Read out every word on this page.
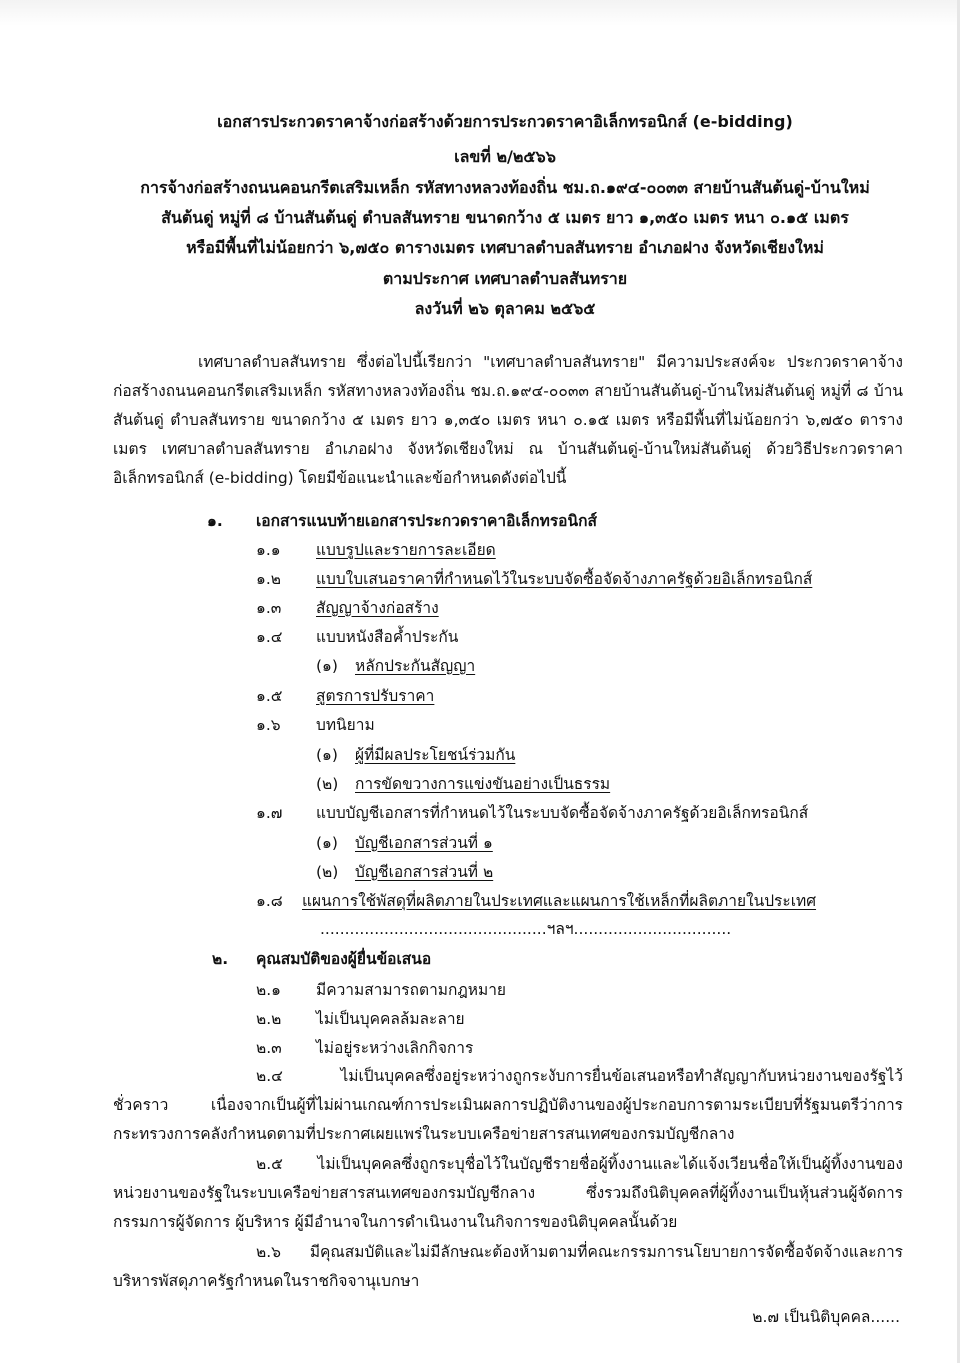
เอกสารประกวดราคาจ้างก่อสร้างด้วยการประกวดราคาอิเล็กทรอนิกส์ (e-bidding)
เลขที่ ๒/๒๕๖๖
การจ้างก่อสร้างถนนคอนกรีตเสริมเหล็ก รหัสทางหลวงท้องถิ่น ชม.ถ.๑๙๔-๐๐๓๓ สายบ้านสันต้นดู่-บ้านใหม่
สันต้นดู่ หมู่ที่ ๘ บ้านสันต้นดู่ ตำบลสันทราย ขนาดกว้าง ๕ เมตร ยาว ๑,๓๕๐ เมตร หนา ๐.๑๕ เมตร
หรือมีพื้นที่ไม่น้อยกว่า ๖,๗๕๐ ตารางเมตร เทศบาลตำบลสันทราย อำเภอฝาง จังหวัดเชียงใหม่
ตามประกาศ เทศบาลตำบลสันทราย
ลงวันที่ ๒๖ ตุลาคม ๒๕๖๕
เทศบาลตำบลสันทราย ซึ่งต่อไปนี้เรียกว่า "เทศบาลตำบลสันทราย" มีความประสงค์จะ ประกวดราคาจ้างก่อสร้างถนนคอนกรีตเสริมเหล็ก รหัสทางหลวงท้องถิ่น ชม.ถ.๑๙๔-๐๐๓๓ สายบ้านสันต้นดู่-บ้านใหม่สันต้นดู่ หมู่ที่ ๘ บ้านสันต้นดู่ ตำบลสันทราย ขนาดกว้าง ๕ เมตร ยาว ๑,๓๕๐ เมตร หนา ๐.๑๕ เมตร หรือมีพื้นที่ไม่น้อยกว่า ๖,๗๕๐ ตารางเมตร เทศบาลตำบลสันทราย อำเภอฝาง จังหวัดเชียงใหม่ ณ บ้านสันต้นดู่-บ้านใหม่สันต้นดู่ ด้วยวิธีประกวดราคาอิเล็กทรอนิกส์ (e-bidding) โดยมีข้อแนะนำและข้อกำหนดดังต่อไปนี้
๑. เอกสารแนบท้ายเอกสารประกวดราคาอิเล็กทรอนิกส์
๑.๑ แบบรูปและรายการละเอียด
๑.๒ แบบใบเสนอราคาที่กำหนดไว้ในระบบจัดซื้อจัดจ้างภาครัฐด้วยอิเล็กทรอนิกส์
๑.๓ สัญญาจ้างก่อสร้าง
๑.๔ แบบหนังสือค้ำประกัน
(๑) หลักประกันสัญญา
๑.๕ สูตรการปรับราคา
๑.๖ บทนิยาม
(๑) ผู้ที่มีผลประโยชน์ร่วมกัน
(๒) การขัดขวางการแข่งขันอย่างเป็นธรรม
๑.๗ แบบบัญชีเอกสารที่กำหนดไว้ในระบบจัดซื้อจัดจ้างภาครัฐด้วยอิเล็กทรอนิกส์
(๑) บัญชีเอกสารส่วนที่ ๑
(๒) บัญชีเอกสารส่วนที่ ๒
๑.๘ แผนการใช้พัสดุที่ผลิตภายในประเทศและแผนการใช้เหล็กที่ผลิตภายในประเทศ
..............................................ฯลฯ................................
๒. คุณสมบัติของผู้ยื่นข้อเสนอ
๒.๑ มีความสามารถตามกฎหมาย
๒.๒ ไม่เป็นบุคคลล้มละลาย
๒.๓ ไม่อยู่ระหว่างเลิกกิจการ
๒.๔	ไม่เป็นบุคคลซึ่งอยู่ระหว่างถูกระงับการยื่นข้อเสนอหรือทำสัญญากับหน่วยงานของรัฐไว้ชั่วคราว เนื่องจากเป็นผู้ที่ไม่ผ่านเกณฑ์การประเมินผลการปฏิบัติงานของผู้ประกอบการตามระเบียบที่รัฐมนตรีว่าการกระทรวงการคลังกำหนดตามที่ประกาศเผยแพร่ในระบบเครือข่ายสารสนเทศของกรมบัญชีกลาง
๒.๕ ไม่เป็นบุคคลซึ่งถูกระบุชื่อไว้ในบัญชีรายชื่อผู้ทิ้งงานและได้แจ้งเวียนชื่อให้เป็นผู้ทิ้งงานของหน่วยงานของรัฐในระบบเครือข่ายสารสนเทศของกรมบัญชีกลาง ซึ่งรวมถึงนิติบุคคลที่ผู้ทิ้งงานเป็นหุ้นส่วนผู้จัดการ กรรมการผู้จัดการ ผู้บริหาร ผู้มีอำนาจในการดำเนินงานในกิจการของนิติบุคคลนั้นด้วย
๒.๖ มีคุณสมบัติและไม่มีลักษณะต้องห้ามตามที่คณะกรรมการนโยบายการจัดซื้อจัดจ้างและการบริหารพัสดุภาครัฐกำหนดในราชกิจจานุเบกษา
๒.๗ เป็นนิติบุคคล......
